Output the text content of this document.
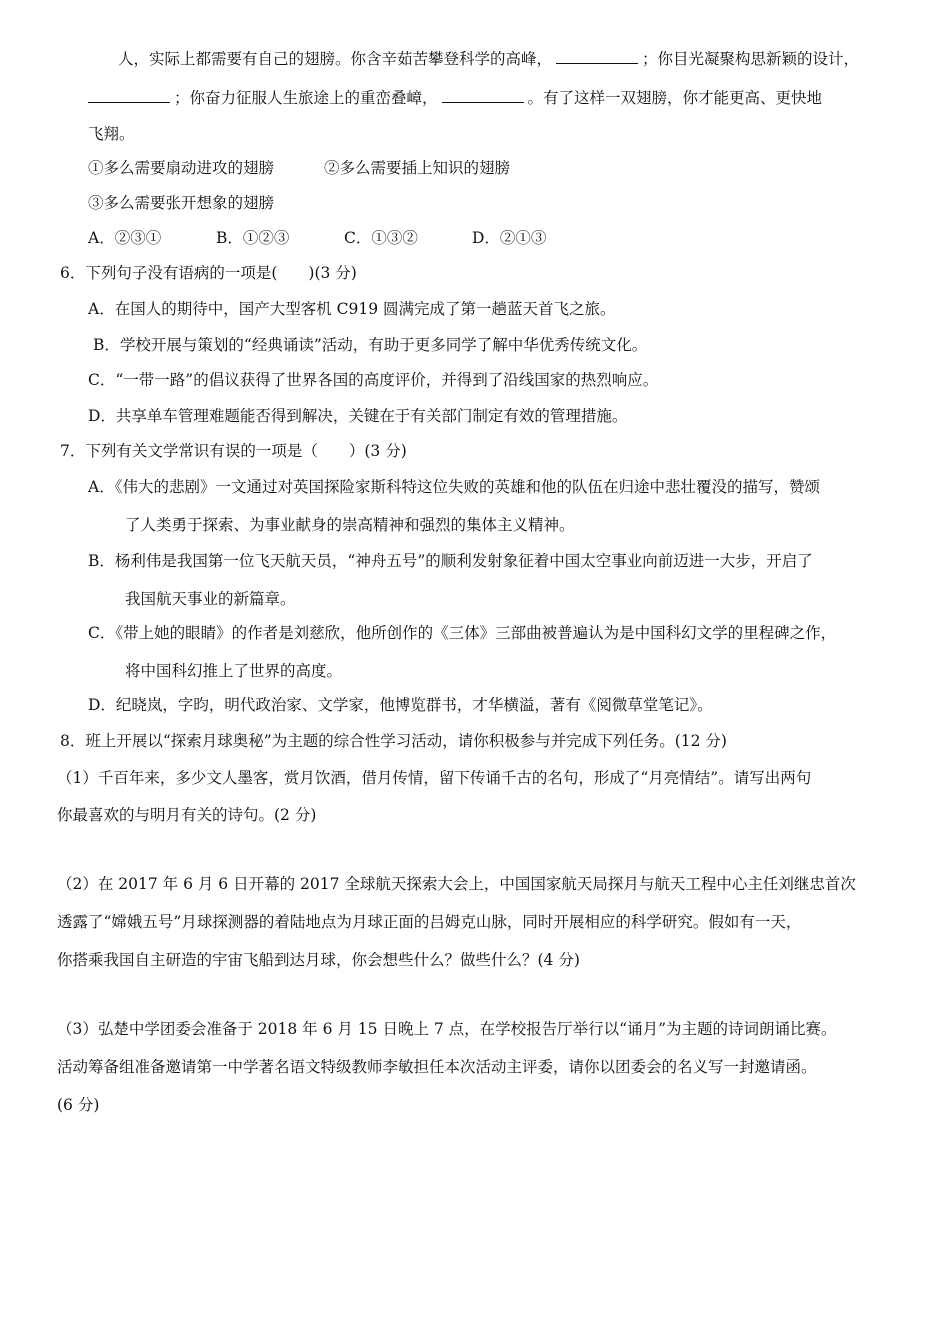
人，实际上都需要有自己的翅膀。你含辛茹苦攀登科学的高峰，	；你目光凝聚构思新颖的设计，
；你奋力征服人生旅途上的重峦叠嶂，	。有了这样一双翅膀，你才能更高、更快地
飞翔。
①多么需要扇动进攻的翅膀	②多么需要插上知识的翅膀
③多么需要张开想象的翅膀
A．②③①	B．①②③	C．①③②	D．②①③
6．下列句子没有语病的一项是(　　)(3 分)
A．在国人的期待中，国产大型客机 C919 圆满完成了第一趟蓝天首飞之旅。
B．学校开展与策划的“经典诵读”活动，有助于更多同学了解中华优秀传统文化。
C．“一带一路”的倡议获得了世界各国的高度评价，并得到了沿线国家的热烈响应。
D．共享单车管理难题能否得到解决，关键在于有关部门制定有效的管理措施。
7．下列有关文学常识有误的一项是（　　）(3 分)
A．《伟大的悲剧》一文通过对英国探险家斯科特这位失败的英雄和他的队伍在归途中悲壮覆没的描写，赞颂
了人类勇于探索、为事业献身的崇高精神和强烈的集体主义精神。
B．杨利伟是我国第一位飞天航天员，“神舟五号”的顺利发射象征着中国太空事业向前迈进一大步，开启了
我国航天事业的新篇章。
C．《带上她的眼睛》的作者是刘慈欣，他所创作的《三体》三部曲被普遍认为是中国科幻文学的里程碑之作，
将中国科幻推上了世界的高度。
D．纪晓岚，字昀，明代政治家、文学家，他博览群书，才华横溢，著有《阅微草堂笔记》。
8．班上开展以“探索月球奥秘”为主题的综合性学习活动，请你积极参与并完成下列任务。(12 分)
（1）千百年来，多少文人墨客，赏月饮酒，借月传情，留下传诵千古的名句，形成了“月亮情结”。请写出两句
你最喜欢的与明月有关的诗句。(2 分)
（2）在 2017 年 6 月 6 日开幕的 2017 全球航天探索大会上，中国国家航天局探月与航天工程中心主任刘继忠首次
透露了“嫦娥五号”月球探测器的着陆地点为月球正面的吕姆克山脉，同时开展相应的科学研究。假如有一天，
你搭乘我国自主研造的宇宙飞船到达月球，你会想些什么？做些什么？(4 分)
（3）弘楚中学团委会准备于 2018 年 6 月 15 日晚上 7 点，在学校报告厅举行以“诵月”为主题的诗词朗诵比赛。
活动筹备组准备邀请第一中学著名语文特级教师李敏担任本次活动主评委，请你以团委会的名义写一封邀请函。
(6 分)
